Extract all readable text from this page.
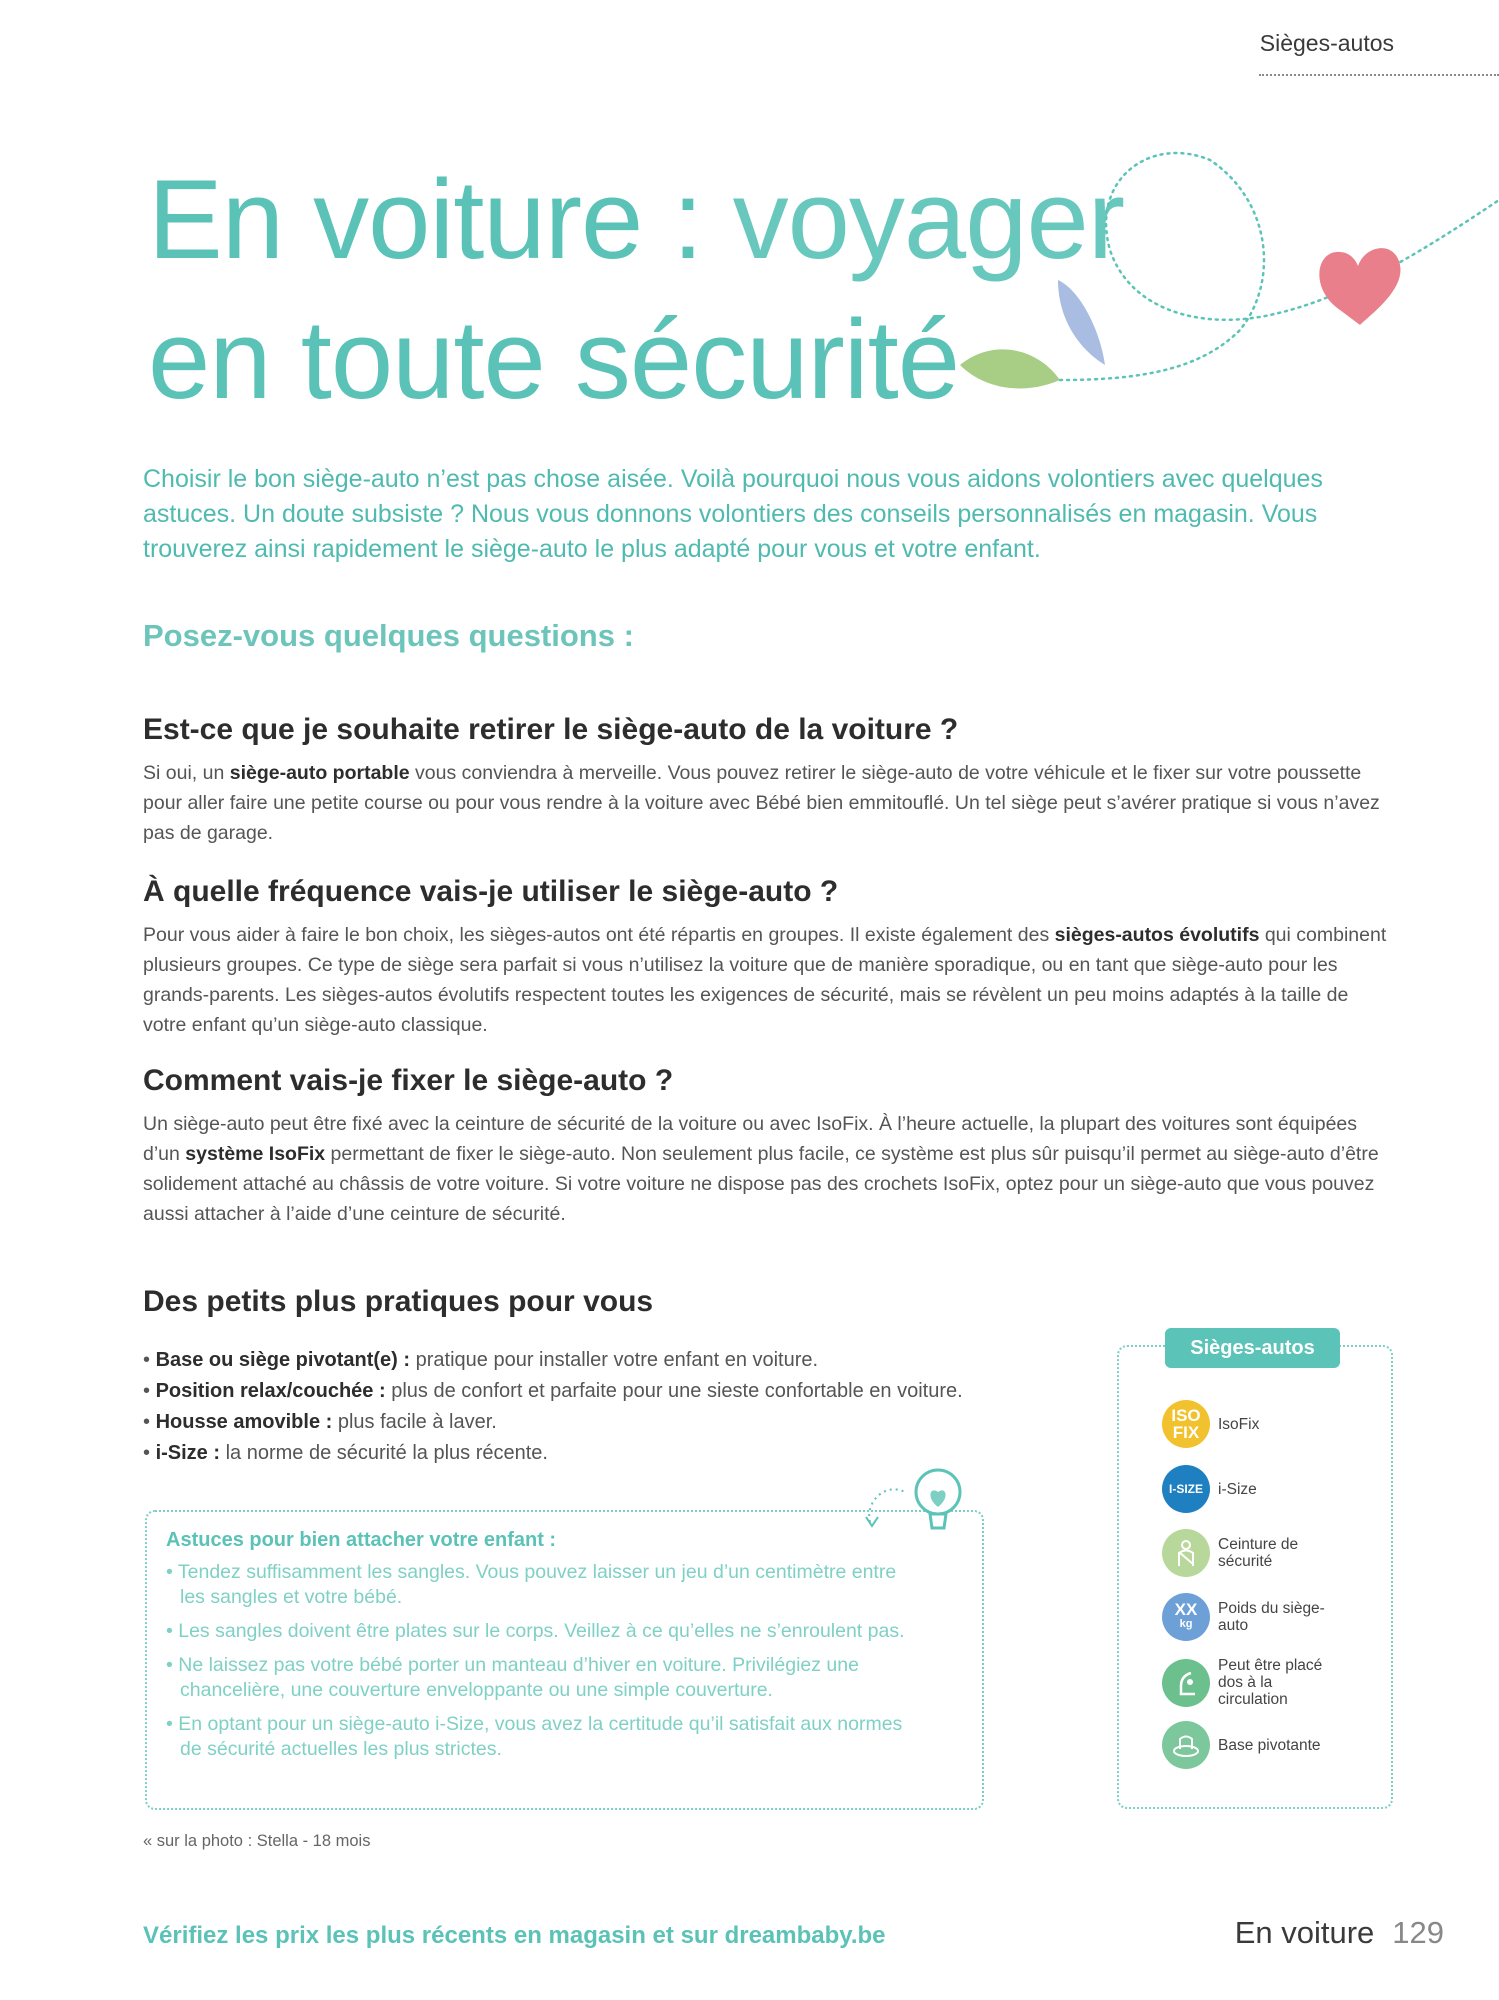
Sièges-autos
En voiture : voyager
en toute sécurité

Choisir le bon siège-auto n’est pas chose aisée. Voilà pourquoi nous vous aidons volontiers avec quelques astuces. Un doute subsiste ? Nous vous donnons volontiers des conseils personnalisés en magasin. Vous trouverez ainsi rapidement le siège-auto le plus adapté pour vous et votre enfant.

Posez-vous quelques questions :
Est-ce que je souhaite retirer le siège-auto de la voiture ?

Si oui, un siège-auto portable vous conviendra à merveille. Vous pouvez retirer le siège-auto de votre véhicule et le fixer sur votre poussette pour aller faire une petite course ou pour vous rendre à la voiture avec Bébé bien emmitouflé. Un tel siège peut s’avérer pratique si vous n’avez pas de garage.

À quelle fréquence vais-je utiliser le siège-auto ?

Pour vous aider à faire le bon choix, les sièges-autos ont été répartis en groupes. Il existe également des sièges-autos évolutifs qui combinent plusieurs groupes. Ce type de siège sera parfait si vous n’utilisez la voiture que de manière sporadique, ou en tant que siège-auto pour les grands-parents. Les sièges-autos évolutifs respectent toutes les exigences de sécurité, mais se révèlent un peu moins adaptés à la taille de votre enfant qu’un siège-auto classique.

Comment vais-je fixer le siège-auto ?

Un siège-auto peut être fixé avec la ceinture de sécurité de la voiture ou avec IsoFix. À l’heure actuelle, la plupart des voitures sont équipées d’un système IsoFix permettant de fixer le siège-auto. Non seulement plus facile, ce système est plus sûr puisqu’il permet au siège-auto d’être solidement attaché au châssis de votre voiture. Si votre voiture ne dispose pas des crochets IsoFix, optez pour un siège-auto que vous pouvez aussi attacher à l’aide d’une ceinture de sécurité.

Des petits plus pratiques pour vous
• Base ou siège pivotant(e) : pratique pour installer votre enfant en voiture.
• Position relax/couchée : plus de confort et parfaite pour une sieste confortable en voiture.
• Housse amovible : plus facile à laver.
• i-Size : la norme de sécurité la plus récente.
Astuces pour bien attacher votre enfant :
• Tendez suffisamment les sangles. Vous pouvez laisser un jeu d’un centimètre entre les sangles et votre bébé.
• Les sangles doivent être plates sur le corps. Veillez à ce qu’elles ne s’enroulent pas.
• Ne laissez pas votre bébé porter un manteau d’hiver en voiture. Privilégiez une chancelière, une couverture enveloppante ou une simple couverture.
• En optant pour un siège-auto i-Size, vous avez la certitude qu’il satisfait aux normes de sécurité actuelles les plus strictes.
Sièges-autos
ISO
FIX IsoFix
I-SIZE i-Size
Ceinture de sécurité
XX
kg
Poids du siège-auto
Peut être placé dos à la circulation
Base pivotante
« sur la photo : Stella - 18 mois
Vérifiez les prix les plus récents en magasin et sur dreambaby.be	En voiture 129
